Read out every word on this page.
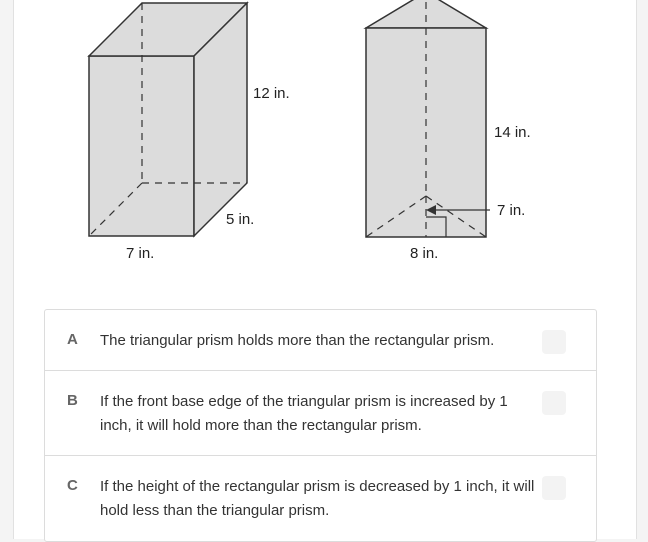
12 in.
5 in.
7 in.
14 in.
7 in.
8 in.
A The triangular prism holds more than the rectangular prism.
B If the front base edge of the triangular prism is increased by 1 inch, it will hold more than the rectangular prism.
C If the height of the rectangular prism is decreased by 1 inch, it will hold less than the triangular prism.
